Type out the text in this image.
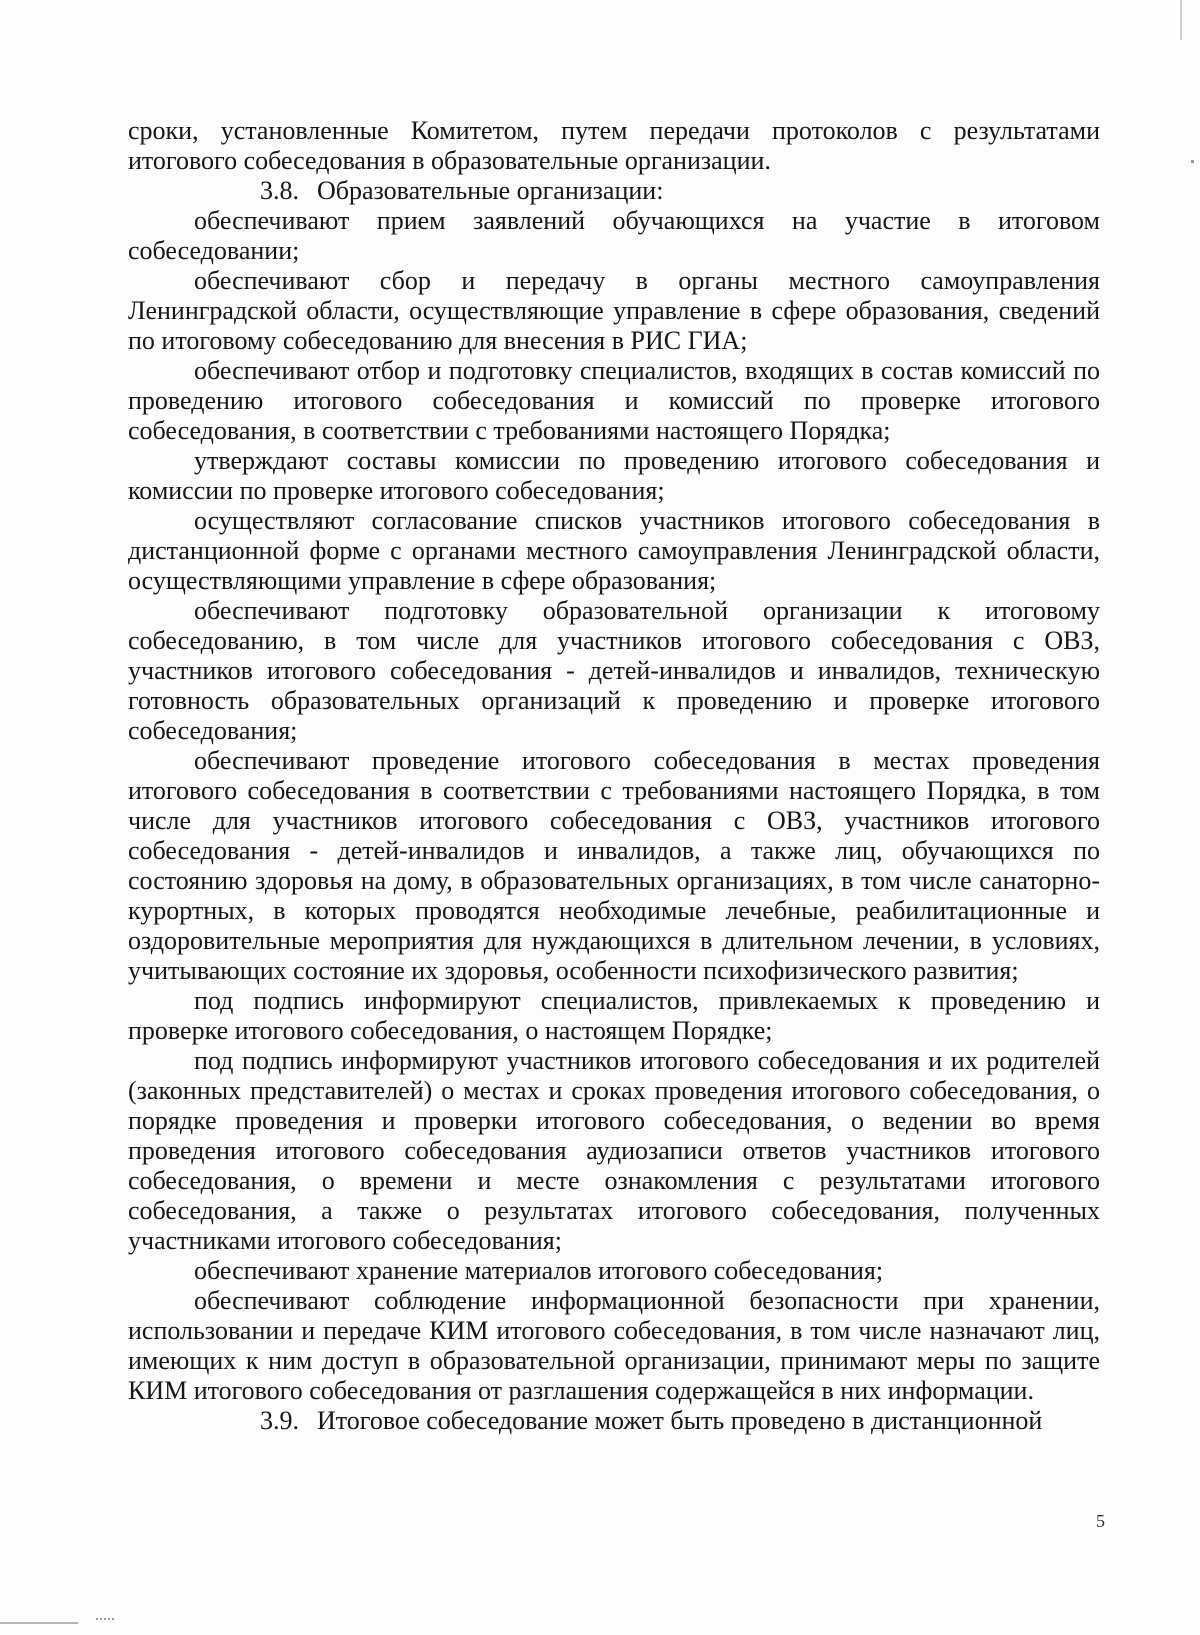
сроки, установленные Комитетом, путем передачи протоколов с результатами итогового собеседования в образовательные организации.

3.8. Образовательные организации:

обеспечивают прием заявлений обучающихся на участие в итоговом собеседовании;

обеспечивают сбор и передачу в органы местного самоуправления Ленинградской области, осуществляющие управление в сфере образования, сведений по итоговому собеседованию для внесения в РИС ГИА;

обеспечивают отбор и подготовку специалистов, входящих в состав комиссий по проведению итогового собеседования и комиссий по проверке итогового собеседования, в соответствии с требованиями настоящего Порядка;

утверждают составы комиссии по проведению итогового собеседования и комиссии по проверке итогового собеседования;

осуществляют согласование списков участников итогового собеседования в дистанционной форме с органами местного самоуправления Ленинградской области, осуществляющими управление в сфере образования;

обеспечивают подготовку образовательной организации к итоговому собеседованию, в том числе для участников итогового собеседования с ОВЗ, участников итогового собеседования - детей-инвалидов и инвалидов, техническую готовность образовательных организаций к проведению и проверке итогового собеседования;

обеспечивают проведение итогового собеседования в местах проведения итогового собеседования в соответствии с требованиями настоящего Порядка, в том числе для участников итогового собеседования с ОВЗ, участников итогового собеседования - детей-инвалидов и инвалидов, а также лиц, обучающихся по состоянию здоровья на дому, в образовательных организациях, в том числе санаторно-курортных, в которых проводятся необходимые лечебные, реабилитационные и оздоровительные мероприятия для нуждающихся в длительном лечении, в условиях, учитывающих состояние их здоровья, особенности психофизического развития;

под подпись информируют специалистов, привлекаемых к проведению и проверке итогового собеседования, о настоящем Порядке;

под подпись информируют участников итогового собеседования и их родителей (законных представителей) о местах и сроках проведения итогового собеседования, о порядке проведения и проверки итогового собеседования, о ведении во время проведения итогового собеседования аудиозаписи ответов участников итогового собеседования, о времени и месте ознакомления с результатами итогового собеседования, а также о результатах итогового собеседования, полученных участниками итогового собеседования;

обеспечивают хранение материалов итогового собеседования;

обеспечивают соблюдение информационной безопасности при хранении, использовании и передаче КИМ итогового собеседования, в том числе назначают лиц, имеющих к ним доступ в образовательной организации, принимают меры по защите КИМ итогового собеседования от разглашения содержащейся в них информации.

3.9. Итоговое собеседование может быть проведено в дистанционной

5
